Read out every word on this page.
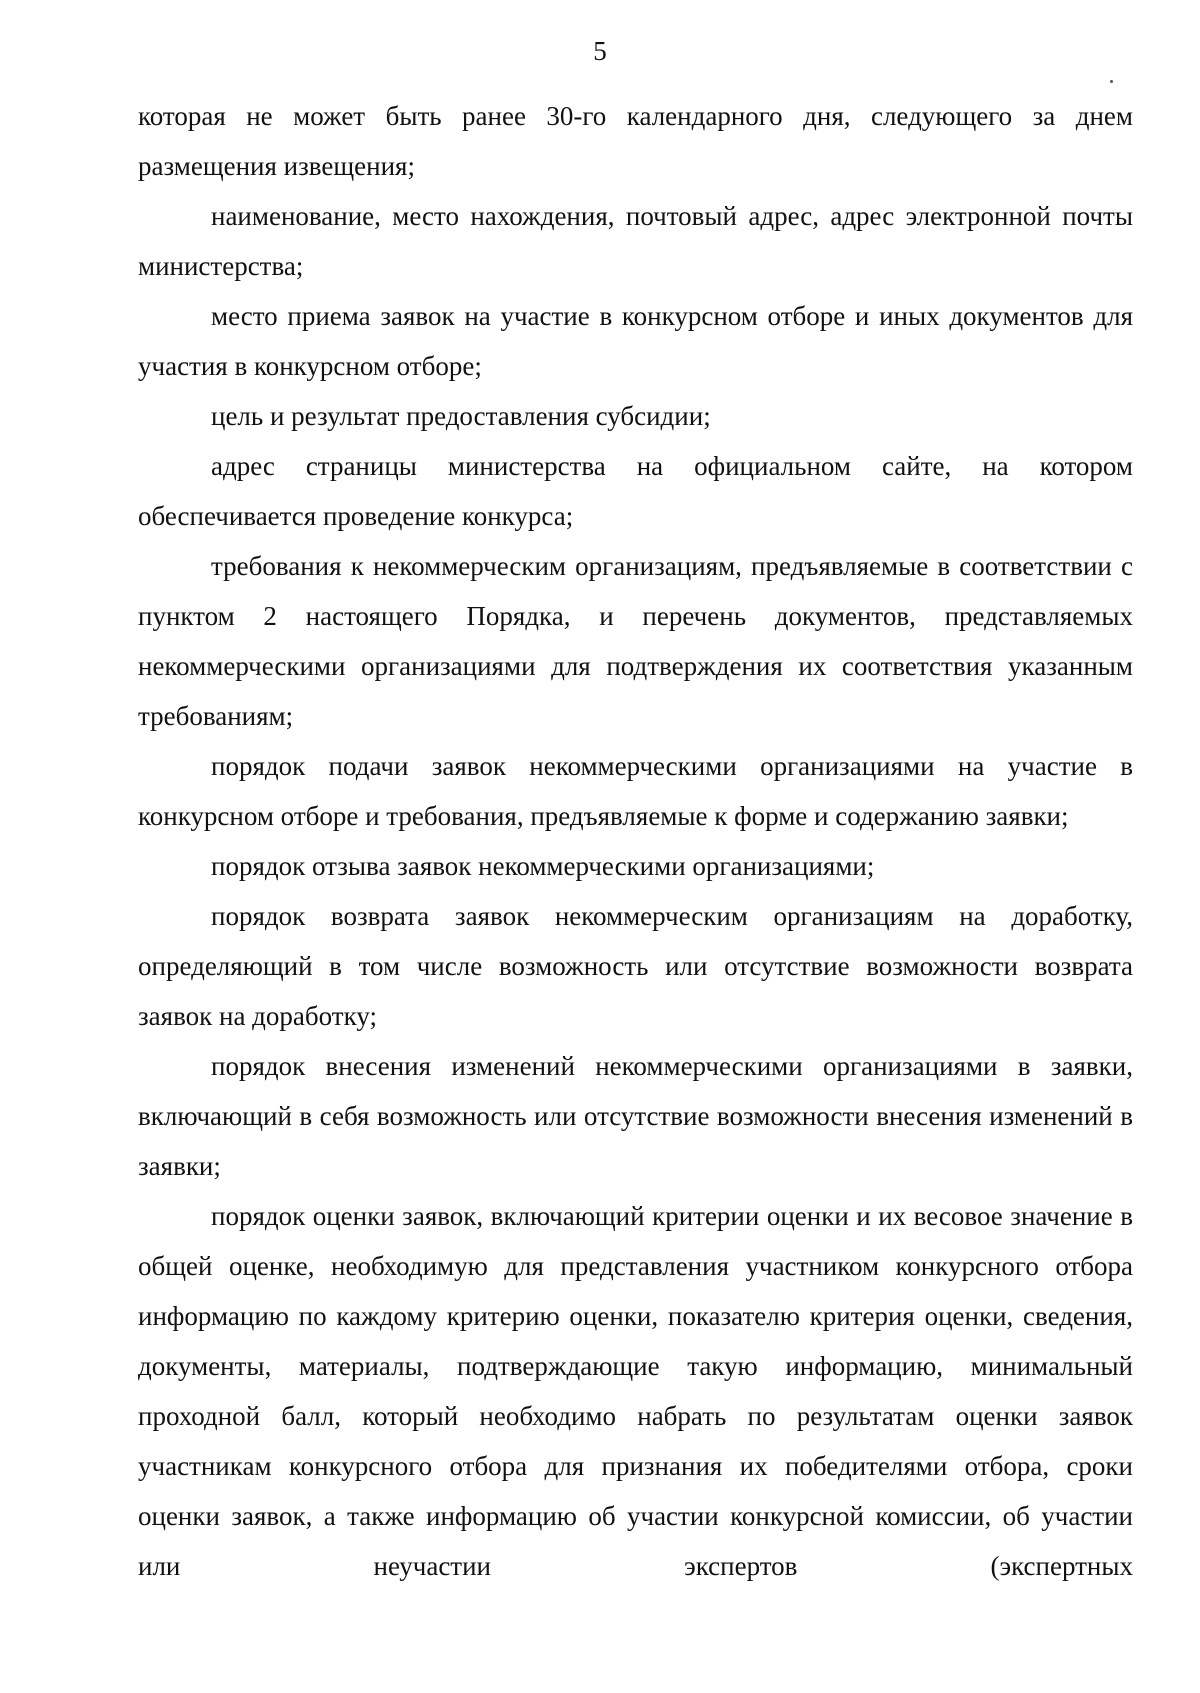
5

которая не может быть ранее 30-го календарного дня, следующего за днем размещения извещения;

наименование, место нахождения, почтовый адрес, адрес электронной почты министерства;

место приема заявок на участие в конкурсном отборе и иных документов для участия в конкурсном отборе;

цель и результат предоставления субсидии;

адрес страницы министерства на официальном сайте, на котором обеспечивается проведение конкурса;

требования к некоммерческим организациям, предъявляемые в соответствии с пунктом 2 настоящего Порядка, и перечень документов, представляемых некоммерческими организациями для подтверждения их соответствия указанным требованиям;

порядок подачи заявок некоммерческими организациями на участие в конкурсном отборе и требования, предъявляемые к форме и содержанию заявки;

порядок отзыва заявок некоммерческими организациями;

порядок возврата заявок некоммерческим организациям на доработку, определяющий в том числе возможность или отсутствие возможности возврата заявок на доработку;

порядок внесения изменений некоммерческими организациями в заявки, включающий в себя возможность или отсутствие возможности внесения изменений в заявки;

порядок оценки заявок, включающий критерии оценки и их весовое значение в общей оценке, необходимую для представления участником конкурсного отбора информацию по каждому критерию оценки, показателю критерия оценки, сведения, документы, материалы, подтверждающие такую информацию, минимальный проходной балл, который необходимо набрать по результатам оценки заявок участникам конкурсного отбора для признания их победителями отбора, сроки оценки заявок, а также информацию об участии конкурсной комиссии, об участии или неучастии экспертов (экспертных
